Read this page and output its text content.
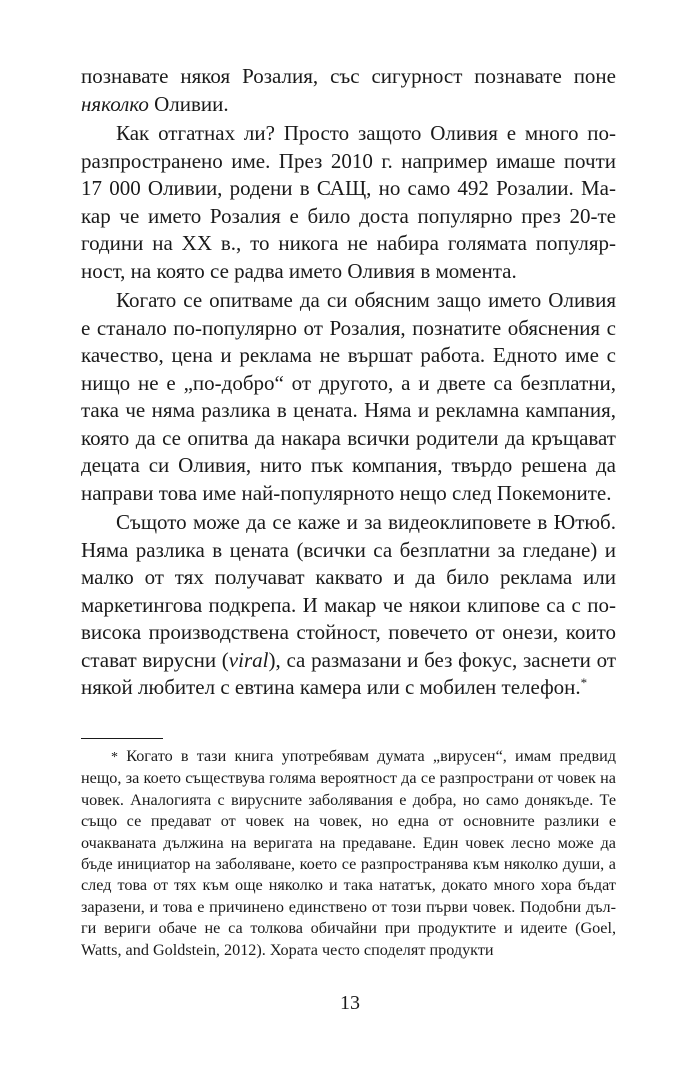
познавате някоя Розалия, със сигурност познавате поне няколко Оливии.

Как отгатнах ли? Просто защото Оливия е много поразпространено име. През 2010 г. например имаше почти 17 000 Оливии, родени в САЩ, но само 492 Розалии. Макар че името Розалия е било доста популярно през 20-те години на XX в., то никога не набира голямата популярност, на която се радва името Оливия в момента.

Когато се опитваме да си обясним защо името Оливия е станало по-популярно от Розалия, познатите обяснения с качество, цена и реклама не вършат работа. Едното име с нищо не е „по-добро“ от другото, а и двете са безплатни, така че няма разлика в цената. Няма и рекламна кампания, която да се опитва да накара всички родители да кръщават децата си Оливия, нито пък компания, твърдо решена да направи това име най-популярното нещо след Покемоните.

Същото може да се каже и за видеоклиповете в Ютюб. Няма разлика в цената (всички са безплатни за гледане) и малко от тях получават каквато и да било реклама или маркетингова подкрепа. И макар че някои клипове са с по-висока производствена стойност, повечето от онези, които стават вирусни (viral), са размазани и без фокус, заснети от някой любител с евтина камера или с мобилен телефон.*

* Когато в тази книга употребявам думата „вирусен“, имам предвид нещо, за което съществува голяма вероятност да се разпространи от човек на човек. Аналогията с вирусните заболявания е добра, но само донякъде. Те също се предават от човек на човек, но една от основните разлики е очакваната дължина на веригата на предаване. Един човек лесно може да бъде инициатор на заболяване, което се разпространява към няколко души, а след това от тях към още няколко и така нататък, докато много хора бъдат заразени, и това е причинено единствено от този първи човек. Подобни дълги вериги обаче не са толкова обичайни при продуктите и идеите (Goel, Watts, and Goldstein, 2012). Хората често споделят продукти

13
